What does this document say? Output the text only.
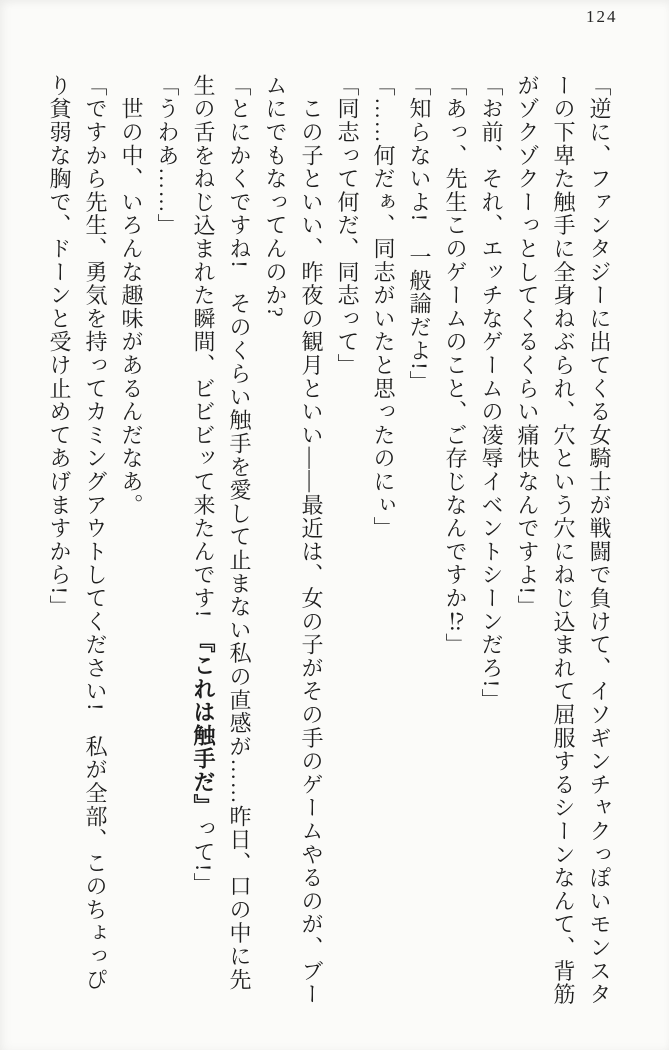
124

「逆に、ファンタジーに出てくる女騎士が戦闘で負けて、イソギンチャクっぽいモンスターの下卑た触手に全身ねぶられ、穴という穴にねじ込まれて屈服するシーンなんて、背筋がゾクゾクーっとしてくるくらい痛快なんですよ!」

「お前、それ、エッチなゲームの凌辱イベントシーンだろ!」

「あっ、先生このゲームのこと、ご存じなんですか⁉」

「知らないよ!　一般論だよ!」

「……何だぁ、同志がいたと思ったのにぃ」

「同志って何だ、同志って」

　この子といい、昨夜の観月といい――最近は、女の子がその手のゲームやるのが、ブームにでもなってんのか?

「とにかくですね!　そのくらい触手を愛して止まない私の直感が……昨日、口の中に先生の舌をねじ込まれた瞬間、ビビビッて来たんです!　『これは触手だ』って!」

「うわあ……」

　世の中、いろんな趣味があるんだなあ。

「ですから先生、勇気を持ってカミングアウトしてください!　私が全部、このちょっぴり貧弱な胸で、ドーンと受け止めてあげますから!」
